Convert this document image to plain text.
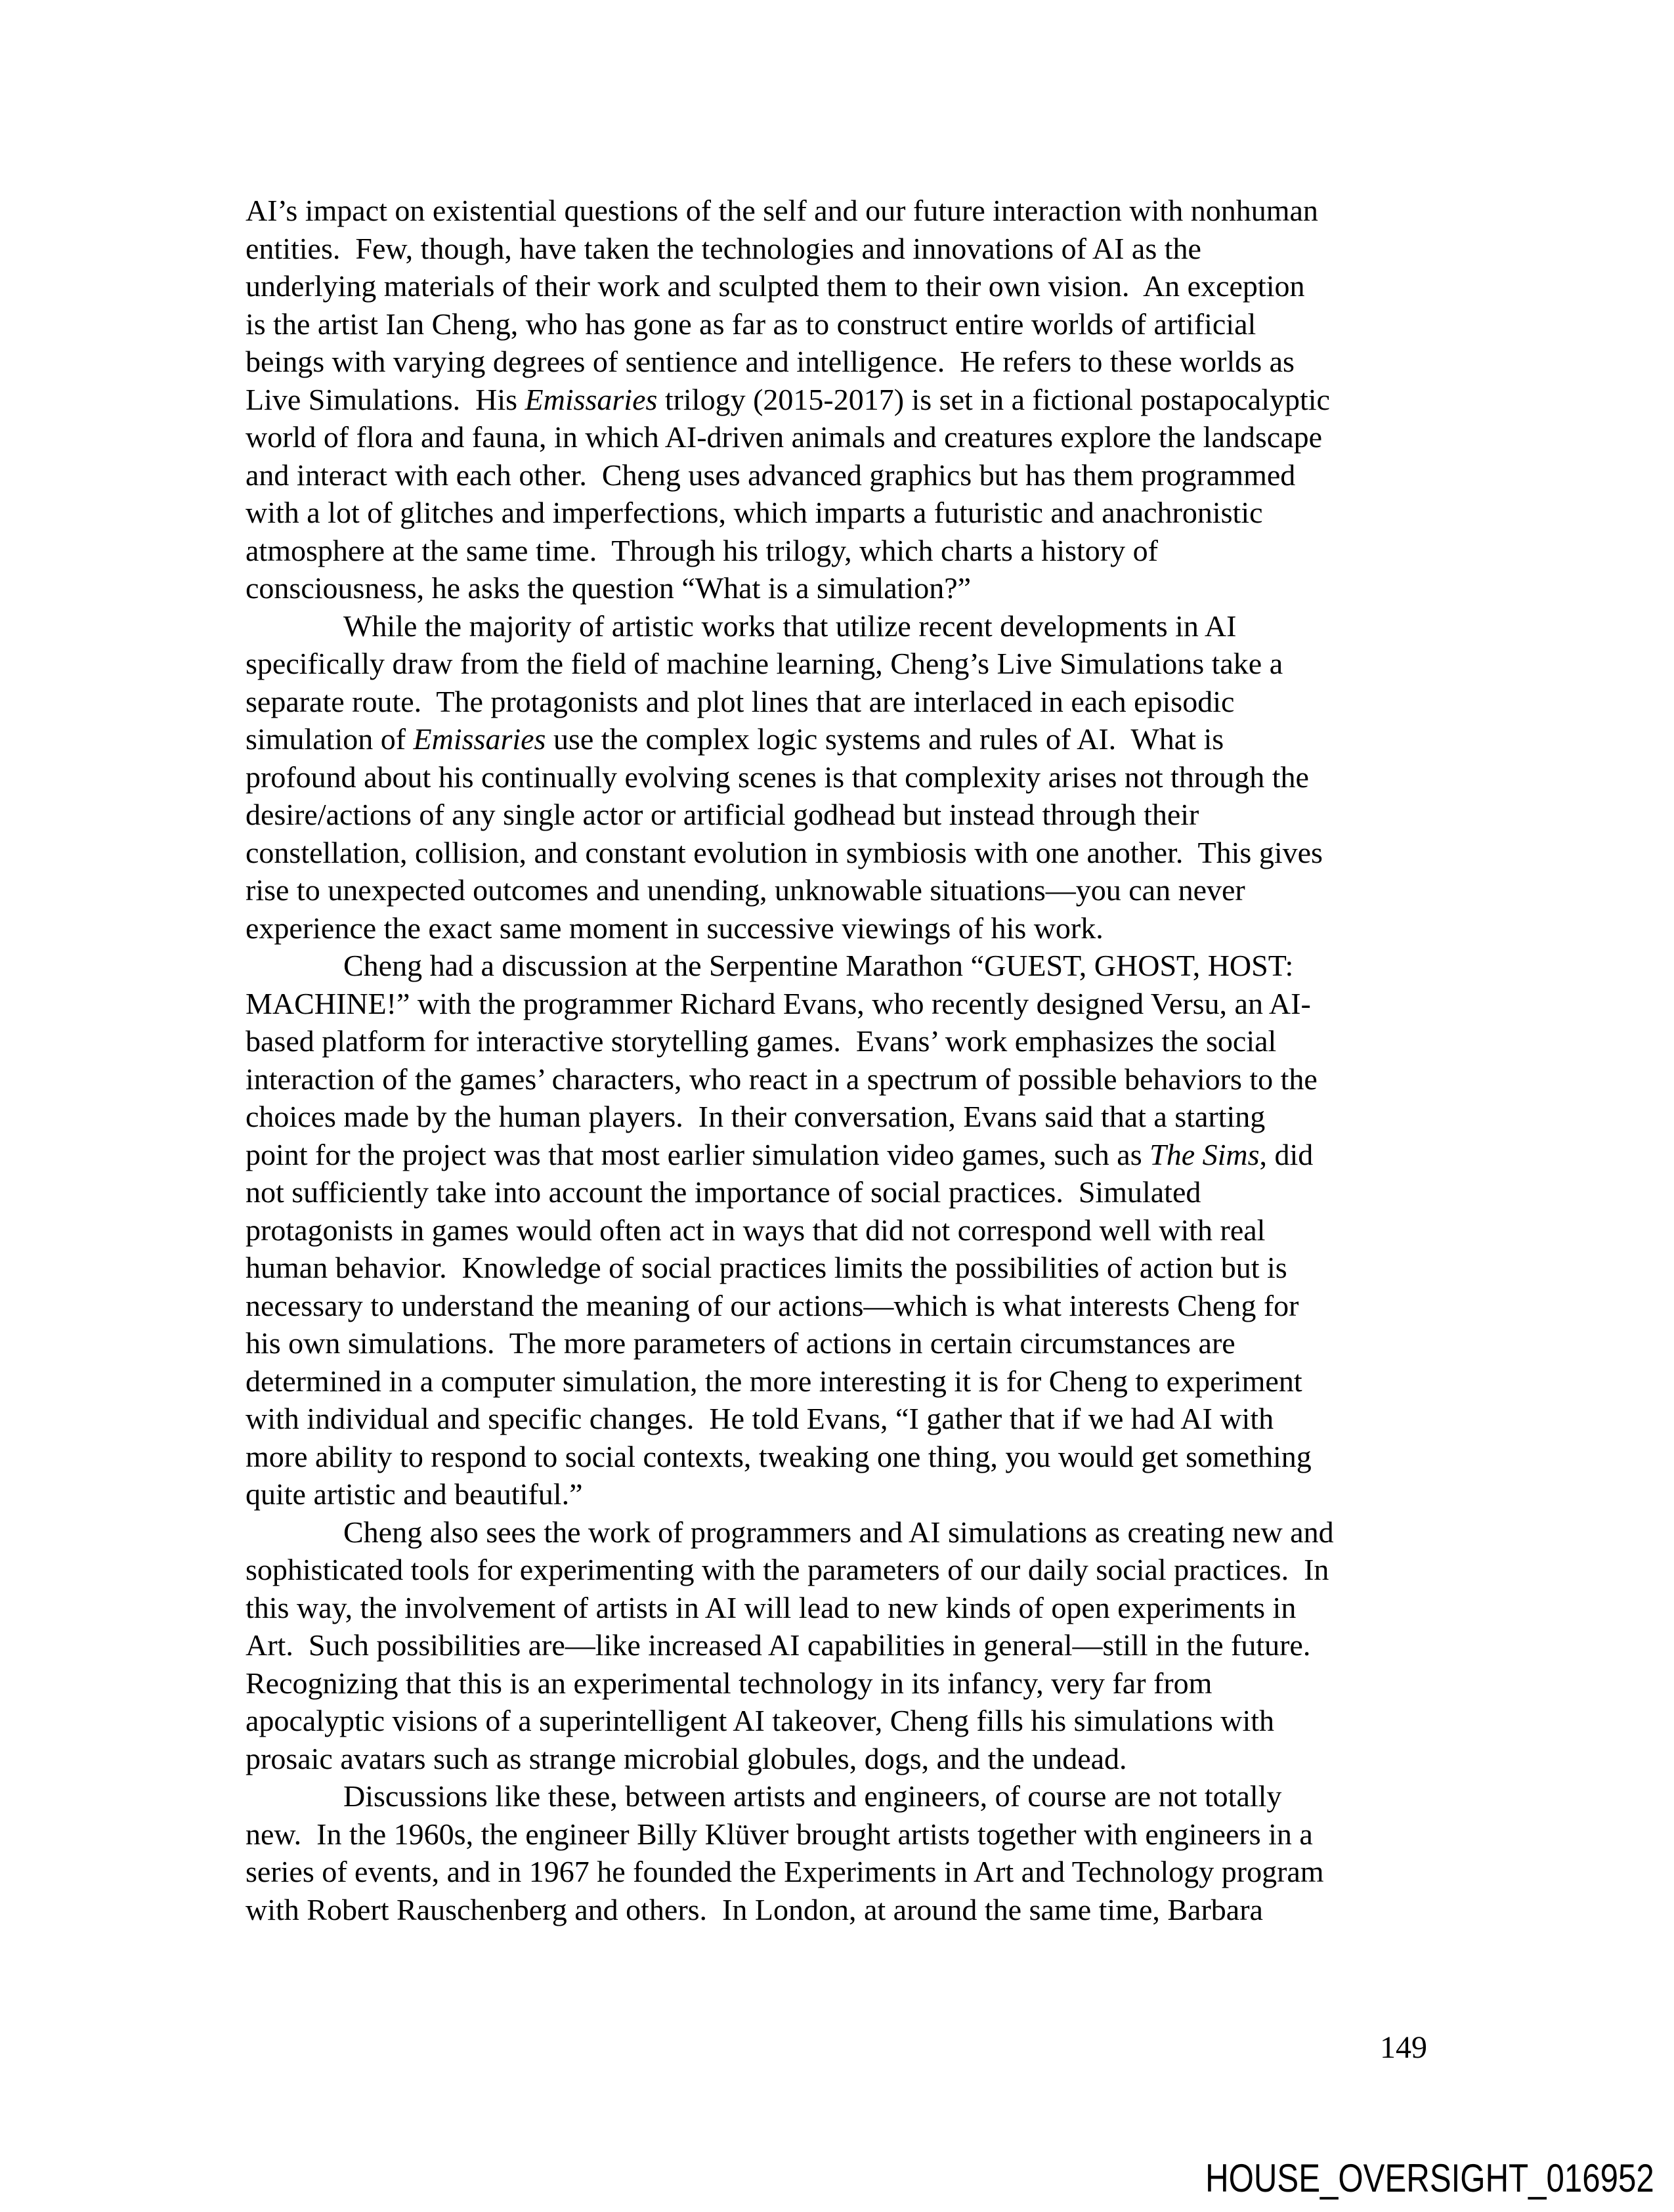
AI’s impact on existential questions of the self and our future interaction with nonhuman
entities.  Few, though, have taken the technologies and innovations of AI as the
underlying materials of their work and sculpted them to their own vision.  An exception
is the artist Ian Cheng, who has gone as far as to construct entire worlds of artificial
beings with varying degrees of sentience and intelligence.  He refers to these worlds as
Live Simulations.  His Emissaries trilogy (2015-2017) is set in a fictional postapocalyptic
world of flora and fauna, in which AI-driven animals and creatures explore the landscape
and interact with each other.  Cheng uses advanced graphics but has them programmed
with a lot of glitches and imperfections, which imparts a futuristic and anachronistic
atmosphere at the same time.  Through his trilogy, which charts a history of
consciousness, he asks the question “What is a simulation?”
While the majority of artistic works that utilize recent developments in AI
specifically draw from the field of machine learning, Cheng’s Live Simulations take a
separate route.  The protagonists and plot lines that are interlaced in each episodic
simulation of Emissaries use the complex logic systems and rules of AI.  What is
profound about his continually evolving scenes is that complexity arises not through the
desire/actions of any single actor or artificial godhead but instead through their
constellation, collision, and constant evolution in symbiosis with one another.  This gives
rise to unexpected outcomes and unending, unknowable situations—you can never
experience the exact same moment in successive viewings of his work.
Cheng had a discussion at the Serpentine Marathon “GUEST, GHOST, HOST:
MACHINE!” with the programmer Richard Evans, who recently designed Versu, an AI-
based platform for interactive storytelling games.  Evans’ work emphasizes the social
interaction of the games’ characters, who react in a spectrum of possible behaviors to the
choices made by the human players.  In their conversation, Evans said that a starting
point for the project was that most earlier simulation video games, such as The Sims, did
not sufficiently take into account the importance of social practices.  Simulated
protagonists in games would often act in ways that did not correspond well with real
human behavior.  Knowledge of social practices limits the possibilities of action but is
necessary to understand the meaning of our actions—which is what interests Cheng for
his own simulations.  The more parameters of actions in certain circumstances are
determined in a computer simulation, the more interesting it is for Cheng to experiment
with individual and specific changes.  He told Evans, “I gather that if we had AI with
more ability to respond to social contexts, tweaking one thing, you would get something
quite artistic and beautiful.”
Cheng also sees the work of programmers and AI simulations as creating new and
sophisticated tools for experimenting with the parameters of our daily social practices.  In
this way, the involvement of artists in AI will lead to new kinds of open experiments in
Art.  Such possibilities are—like increased AI capabilities in general—still in the future.
Recognizing that this is an experimental technology in its infancy, very far from
apocalyptic visions of a superintelligent AI takeover, Cheng fills his simulations with
prosaic avatars such as strange microbial globules, dogs, and the undead.
Discussions like these, between artists and engineers, of course are not totally
new.  In the 1960s, the engineer Billy Klüver brought artists together with engineers in a
series of events, and in 1967 he founded the Experiments in Art and Technology program
with Robert Rauschenberg and others.  In London, at around the same time, Barbara
149
HOUSE_OVERSIGHT_016952
